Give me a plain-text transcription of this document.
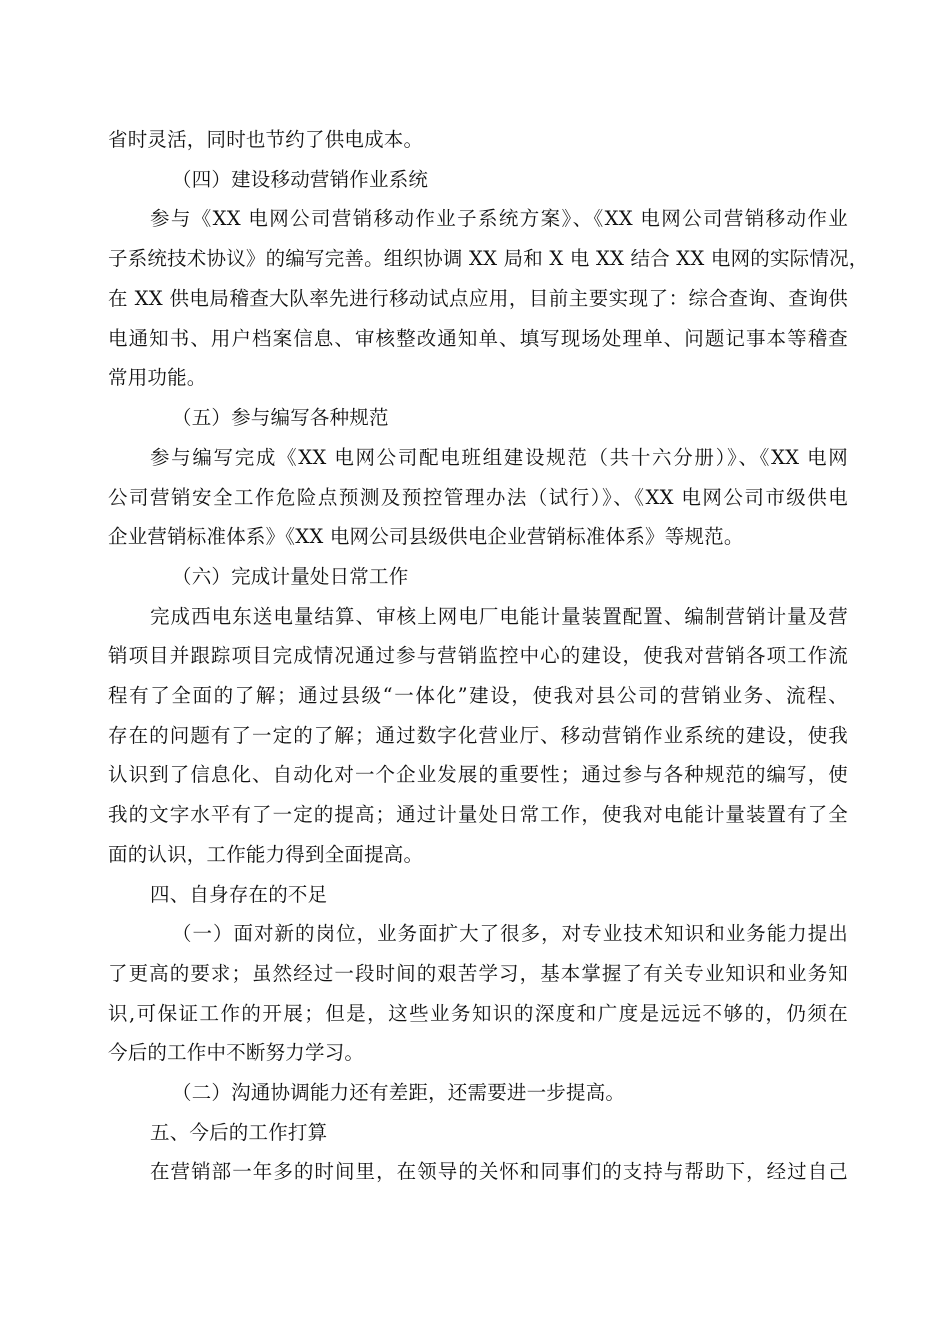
省时灵活，同时也节约了供电成本。
（四）建设移动营销作业系统
参与《XX 电网公司营销移动作业子系统方案》、《XX 电网公司营销移动作业
子系统技术协议》的编写完善。组织协调 XX 局和 X 电 XX 结合 XX 电网的实际情况，
在 XX 供电局稽查大队率先进行移动试点应用，目前主要实现了：综合查询、查询供
电通知书、用户档案信息、审核整改通知单、填写现场处理单、问题记事本等稽查
常用功能。
（五）参与编写各种规范
参与编写完成《XX 电网公司配电班组建设规范（共十六分册）》、《XX 电网
公司营销安全工作危险点预测及预控管理办法（试行）》、《XX 电网公司市级供电
企业营销标准体系》《XX 电网公司县级供电企业营销标准体系》等规范。
（六）完成计量处日常工作
完成西电东送电量结算、审核上网电厂电能计量装置配置、编制营销计量及营
销项目并跟踪项目完成情况通过参与营销监控中心的建设，使我对营销各项工作流
程有了全面的了解；通过县级“一体化”建设，使我对县公司的营销业务、流程、
存在的问题有了一定的了解；通过数字化营业厅、移动营销作业系统的建设，使我
认识到了信息化、自动化对一个企业发展的重要性；通过参与各种规范的编写，使
我的文字水平有了一定的提高；通过计量处日常工作，使我对电能计量装置有了全
面的认识，工作能力得到全面提高。
四、自身存在的不足
（一）面对新的岗位，业务面扩大了很多，对专业技术知识和业务能力提出
了更高的要求；虽然经过一段时间的艰苦学习，基本掌握了有关专业知识和业务知
识,可保证工作的开展；但是，这些业务知识的深度和广度是远远不够的，仍须在
今后的工作中不断努力学习。
（二）沟通协调能力还有差距，还需要进一步提高。
五、今后的工作打算
在营销部一年多的时间里，在领导的关怀和同事们的支持与帮助下，经过自己
